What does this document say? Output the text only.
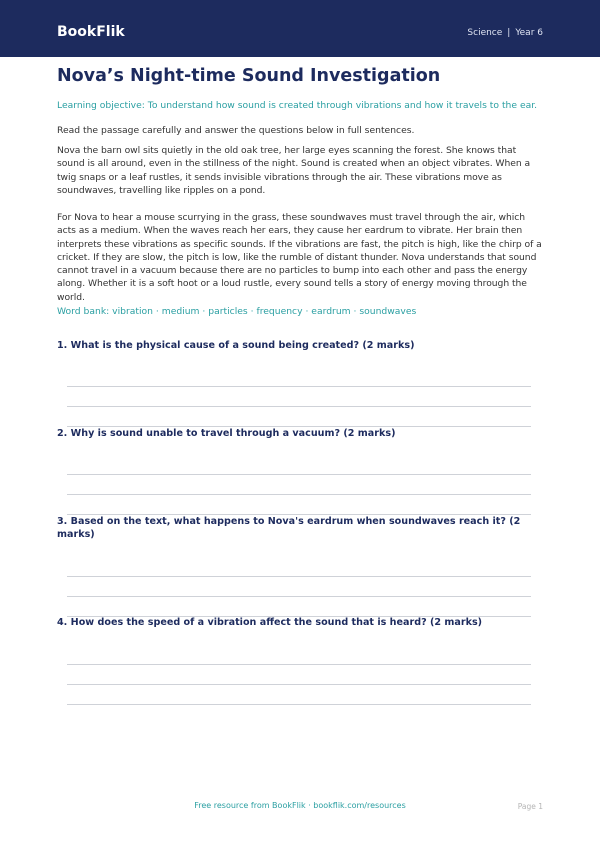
BookFlik	Science | Year 6
Nova’s Night-time Sound Investigation
Learning objective: To understand how sound is created through vibrations and how it travels to the ear.
Read the passage carefully and answer the questions below in full sentences.

Nova the barn owl sits quietly in the old oak tree, her large eyes scanning the forest. She knows that sound is all around, even in the stillness of the night. Sound is created when an object vibrates. When a twig snaps or a leaf rustles, it sends invisible vibrations through the air. These vibrations move as soundwaves, travelling like ripples on a pond.

For Nova to hear a mouse scurrying in the grass, these soundwaves must travel through the air, which acts as a medium. When the waves reach her ears, they cause her eardrum to vibrate. Her brain then interprets these vibrations as specific sounds. If the vibrations are fast, the pitch is high, like the chirp of a cricket. If they are slow, the pitch is low, like the rumble of distant thunder. Nova understands that sound cannot travel in a vacuum because there are no particles to bump into each other and pass the energy along. Whether it is a soft hoot or a loud rustle, every sound tells a story of energy moving through the world.

Word bank: vibration · medium · particles · frequency · eardrum · soundwaves

1. What is the physical cause of a sound being created? (2 marks)

2. Why is sound unable to travel through a vacuum? (2 marks)

3. Based on the text, what happens to Nova's eardrum when soundwaves reach it? (2 marks)

4. How does the speed of a vibration affect the sound that is heard? (2 marks)

Free resource from BookFlik · bookflik.com/resources	Page 1
